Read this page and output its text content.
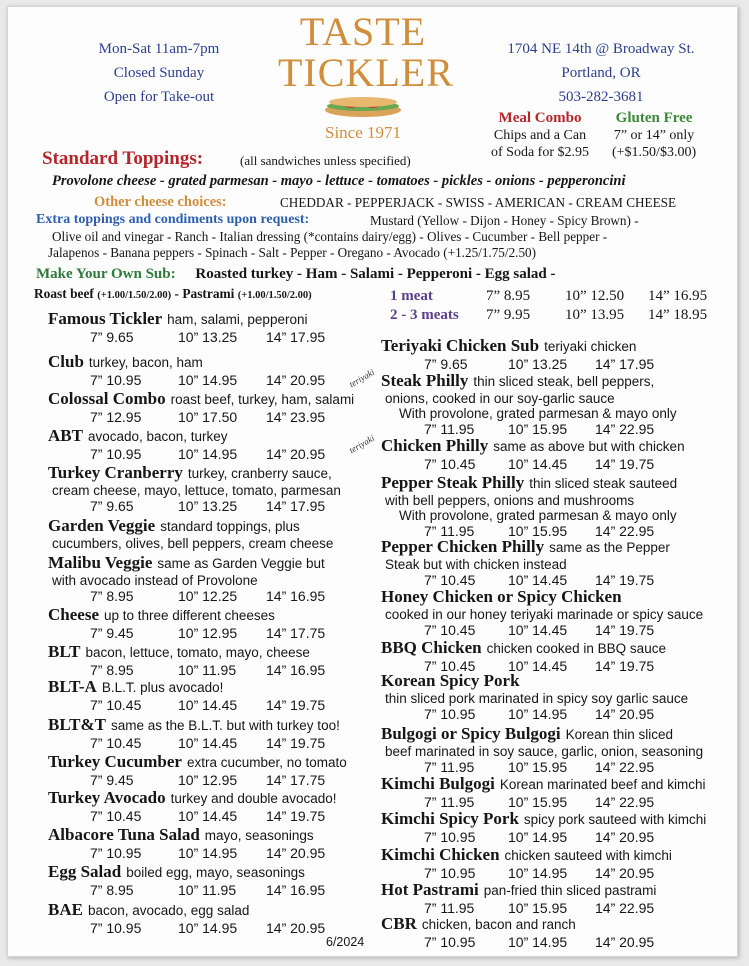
Mon-Sat 11am-7pm
Closed Sunday
Open for Take-out
TASTE
TICKLER
Since 1971
1704 NE 14th @ Broadway St.
Portland, OR
503-282-3681
Meal Combo
Chips and a Can
of Soda for $2.95
Gluten Free
7” or 14” only
(+$1.50/$3.00)
Standard Toppings:	(all sandwiches unless specified)
Provolone cheese - grated parmesan - mayo - lettuce - tomatoes - pickles - onions - pepperoncini
Other cheese choices:	CHEDDAR - PEPPERJACK - SWISS - AMERICAN - CREAM CHEESE
Extra toppings and condiments upon request:	Mustard (Yellow - Dijon - Honey - Spicy Brown) -
Olive oil and vinegar - Ranch - Italian dressing (*contains dairy/egg) - Olives - Cucumber - Bell pepper -
Jalapenos - Banana peppers - Spinach - Salt - Pepper - Oregano - Avocado (+1.25/1.75/2.50)
Make Your Own Sub: Roasted turkey - Ham - Salami - Pepperoni - Egg salad -
Roast beef (+1.00/1.50/2.00) - Pastrami (+1.00/1.50/2.00)	1 meat	7” 8.95 10” 12.50 14” 16.95
2 - 3 meats 7” 9.95 10” 13.95 14” 18.95
Famous Tickler ham, salami, pepperoni
7” 9.65	10” 13.25 14” 17.95
Club turkey, bacon, ham
7” 10.95	10” 14.95 14” 20.95
Colossal Combo roast beef, turkey, ham, salami
7” 12.95	10” 17.50 14” 23.95
ABT avocado, bacon, turkey
7” 10.95	10” 14.95 14” 20.95
Turkey Cranberry turkey, cranberry sauce,
cream cheese, mayo, lettuce, tomato, parmesan
7” 9.65	10” 13.25 14” 17.95
Garden Veggie standard toppings, plus
cucumbers, olives, bell peppers, cream cheese
Malibu Veggie same as Garden Veggie but
with avocado instead of Provolone
7” 8.95	10” 12.25 14” 16.95
Cheese up to three different cheeses
7” 9.45	10” 12.95 14” 17.75
BLT bacon, lettuce, tomato, mayo, cheese
7” 8.95	10” 11.95 14” 16.95
BLT-A B.L.T. plus avocado!
7” 10.45	10” 14.45 14” 19.75
BLT&T same as the B.L.T. but with turkey too!
7” 10.45	10” 14.45 14” 19.75
Turkey Cucumber extra cucumber, no tomato
7” 9.45	10” 12.95 14” 17.75
Turkey Avocado turkey and double avocado!
7” 10.45	10” 14.45 14” 19.75
Albacore Tuna Salad mayo, seasonings
7” 10.95	10” 14.95 14” 20.95
Egg Salad boiled egg, mayo, seasonings
7” 8.95	10” 11.95 14” 16.95
BAE bacon, avocado, egg salad
7” 10.95	10” 14.95 14” 20.95
Teriyaki Chicken Sub teriyaki chicken
7” 9.65	10” 13.25 14” 17.95
Steak Philly thin sliced steak, bell peppers,
onions, cooked in our soy-garlic sauce
With provolone, grated parmesan & mayo only
7” 11.95 10” 15.95 14” 22.95
Chicken Philly same as above but with chicken
7” 10.45 10” 14.45 14” 19.75
Pepper Steak Philly thin sliced steak sauteed
with bell peppers, onions and mushrooms
With provolone, grated parmesan & mayo only
7” 11.95 10” 15.95 14” 22.95
Pepper Chicken Philly same as the Pepper
Steak but with chicken instead
7” 10.45 10” 14.45 14” 19.75
Honey Chicken or Spicy Chicken
cooked in our honey teriyaki marinade or spicy sauce
7” 10.45 10” 14.45 14” 19.75
BBQ Chicken chicken cooked in BBQ sauce
7” 10.45 10” 14.45 14” 19.75
Korean Spicy Pork
thin sliced pork marinated in spicy soy garlic sauce
7” 10.95 10” 14.95 14” 20.95
Bulgogi or Spicy Bulgogi Korean thin sliced
beef marinated in soy sauce, garlic, onion, seasoning
7” 11.95 10” 15.95 14” 22.95
Kimchi Bulgogi Korean marinated beef and kimchi
7” 11.95 10” 15.95 14” 22.95
Kimchi Spicy Pork spicy pork sauteed with kimchi
7” 10.95 10” 14.95 14” 20.95
Kimchi Chicken chicken sauteed with kimchi
7” 10.95 10” 14.95 14” 20.95
Hot Pastrami pan-fried thin sliced pastrami
7” 11.95 10” 15.95 14” 22.95
CBR chicken, bacon and ranch
7” 10.95 10” 14.95 14” 20.95
teriyaki
teriyaki
6/2024
